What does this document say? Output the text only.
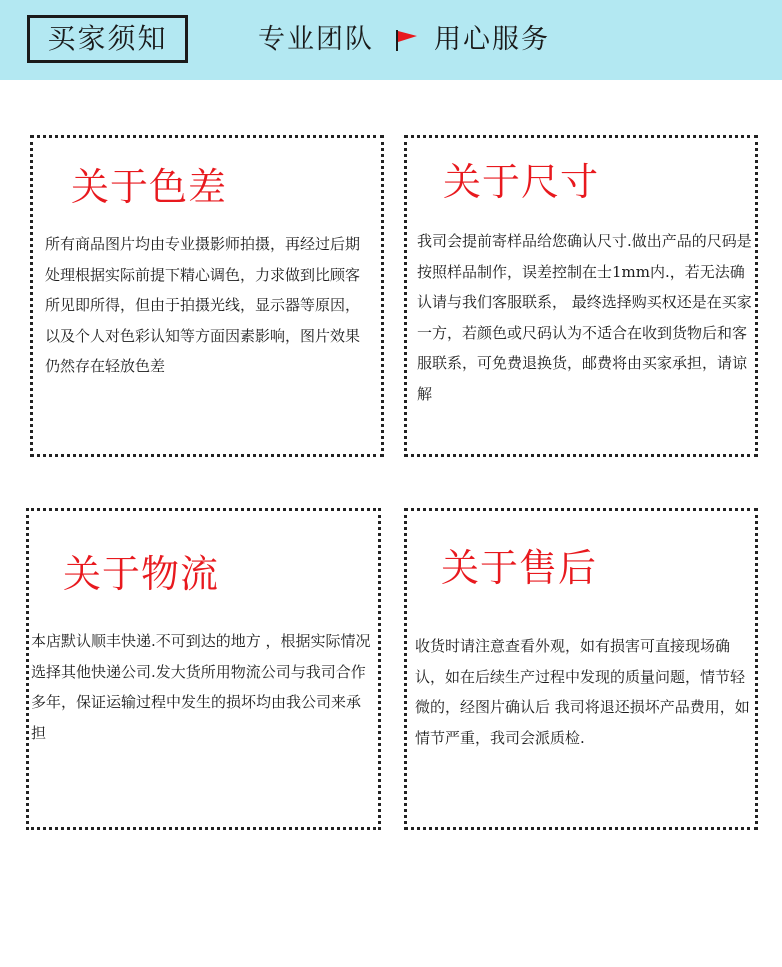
买家须知	专业团队 用心服务
关于色差

所有商品图片均由专业摄影师拍摄，再经过后期处理根据实际前提下精心调色，力求做到比顾客所见即所得，但由于拍摄光线，显示器等原因，以及个人对色彩认知等方面因素影响，图片效果仍然存在轻放色差

关于尺寸

我司会提前寄样品给您确认尺寸.做出产品的尺码是按照样品制作，误差控制在士1mm内.，若无法确认请与我们客服联系， 最终选择购买权还是在买家一方，若颜色或尺码认为不适合在收到货物后和客服联系，可免费退换货，邮费将由买家承担，请谅解

关于物流

本店默认顺丰快递.不可到达的地方 ，根据实际情况选择其他快递公司.发大货所用物流公司与我司合作多年，保证运输过程中发生的损坏均由我公司来承担

关于售后

收货时请注意查看外观，如有损害可直接现场确认，如在后续生产过程中发现的质量问题，情节轻微的，经图片确认后 我司将退还损坏产品费用，如情节严重，我司会派质检.
